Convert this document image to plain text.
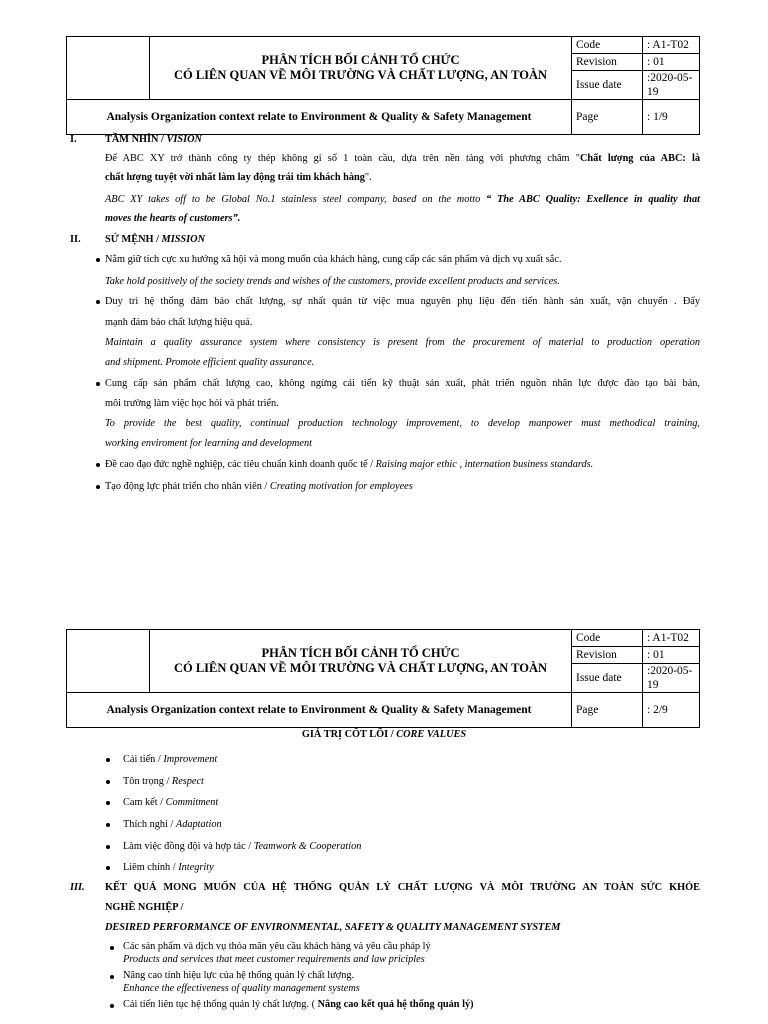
	PHÂN TÍCH BỐI CẢNH TỔ CHỨC
CÓ LIÊN QUAN VỀ MÔI TRƯỜNG VÀ CHẤT LƯỢNG, AN TOÀN	Code	: A1-T02
		Revision	: 01
		Issue date	:2020-05-19
Analysis Organization context relate to Environment & Quality & Safety Management		Page	: 1/9
I.	TẦM NHÌN / VISION
Để ABC XY trở thành công ty thép không gỉ số 1 toàn cầu, dựa trên nền tảng với phương châm "Chất lượng của ABC: là
chất lượng tuyệt vời nhất làm lay động trái tim khách hàng".
ABC XY takes off to be Global No.1 stainless steel company, based on the motto “ The ABC Quality: Exellence in quality that
moves the hearts of customers”.
II. SỨ MỆNH / MISSION
Nắm giữ tích cực xu hướng xã hội và mong muốn của khách hàng, cung cấp các sản phẩm và dịch vụ xuất sắc.
Take hold positively of the society trends and wishes of the customers, provide excellent products and services.
Duy trì hệ thống đảm bảo chất lượng, sự nhất quán từ việc mua nguyên phụ liệu đến tiến hành sản xuất, vận chuyển . Đẩy
mạnh đảm bảo chất lượng hiệu quả.
Maintain a quality assurance system where consistency is present from the procurement of material to production operation
and shipment. Promote efficient quality assurance.
Cung cấp sản phẩm chất lượng cao, không ngừng cải tiến kỹ thuật sản xuất, phát triển nguồn nhân lực được đào tạo bài bản,
môi trường làm việc học hỏi và phát triển.
To provide the best quality, continual production technology improvement, to develop manpower must methodical training,
working enviroment for learning and development
Đề cao đạo đức nghề nghiệp, các tiêu chuẩn kinh doanh quốc tế / Raising major ethic , internation business standards.
Tạo động lực phát triển cho nhân viên / Creating motivation for employees

	PHÂN TÍCH BỐI CẢNH TỔ CHỨC
CÓ LIÊN QUAN VỀ MÔI TRƯỜNG VÀ CHẤT LƯỢNG, AN TOÀN	Code	: A1-T02
		Revision	: 01
		Issue date	:2020-05-19
Analysis Organization context relate to Environment & Quality & Safety Management		Page	: 2/9
GIÁ TRỊ CỐT LÕI / CORE VALUES
Cải tiến / Improvement
Tôn trọng / Respect
Cam kết / Commitment
Thích nghi / Adaptation
Làm việc đồng đội và hợp tác / Teamwork & Cooperation
Liêm chính / Integrity
III. KẾT QUẢ MONG MUỐN CỦA HỆ THỐNG QUẢN LÝ CHẤT LƯỢNG VÀ MÔI TRƯỜNG AN TOÀN SỨC KHỎE
NGHỀ NGHIỆP /
DESIRED PERFORMANCE OF ENVIRONMENTAL, SAFETY & QUALITY MANAGEMENT SYSTEM
Các sản phẩm và dịch vụ thỏa mãn yêu cầu khách hàng và yêu cầu pháp lý
Products and services that meet customer requirements and law priciples
Nâng cao tính hiệu lực của hệ thống quản lý chất lượng.
Enhance the effectiveness of quality management systems
Cải tiến liên tục hệ thống quản lý chất lượng. ( Nâng cao kết quả hệ thống quản lý)
